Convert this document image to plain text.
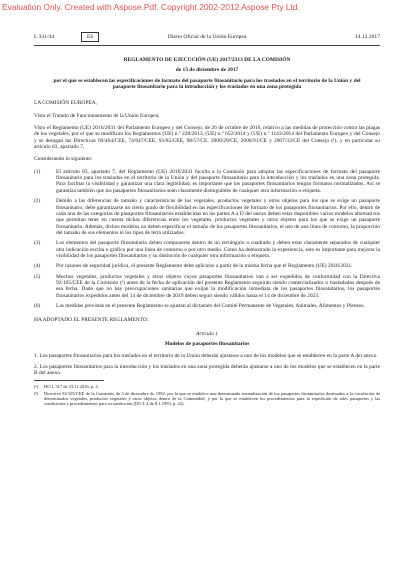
Evaluation Only. Created with Aspose.Pdf. Copyright 2002-2012 Aspose Pty Ltd.
L 331/44	ES	Diario Oficial de la Unión Europea	14.12.2017

REGLAMENTO DE EJECUCIÓN (UE) 2017/2313 DE LA COMISIÓN

de 13 de diciembre de 2017

por el que se establecen las especificaciones de formato del pasaporte fitosanitario para los traslados en el territorio de la Unión y del pasaporte fitosanitario para la introducción y los traslados en una zona protegida

LA COMISIÓN EUROPEA,

Visto el Tratado de Funcionamiento de la Unión Europea,

Visto el Reglamento (UE) 2016/2031 del Parlamento Europeo y del Consejo, de 26 de octubre de 2016, relativo a las medidas de protección contra las plagas de los vegetales, por el que se modifican los Reglamentos (UE) n.º 228/2013, (UE) n.º 652/2014 y (UE) n.º 1143/2014 del Parlamento Europeo y del Consejo y se derogan las Directivas 69/464/CEE, 74/647/CEE, 93/85/CEE, 98/57/CE, 2000/29/CE, 2006/91/CE y 2007/33/CE del Consejo (¹), y en particular su artículo 83, apartado 7,

Considerando lo siguiente:

(1)	El artículo 83, apartado 7, del Reglamento (UE) 2016/2031 faculta a la Comisión para adoptar las especificaciones de formato del pasaporte fitosanitario para los traslados en el territorio de la Unión y del pasaporte fitosanitario para la introducción y los traslados en una zona protegida. Para facilitar la visibilidad y garantizar una clara legibilidad, es importante que los pasaportes fitosanitarios tengan formatos normalizados. Así se garantiza también que los pasaportes fitosanitarios sean claramente distinguibles de cualquier otra información o etiqueta.
(2)	Debido a las diferencias de tamaño y características de los vegetales, productos vegetales y otros objetos para los que se exige un pasaporte fitosanitario, debe garantizarse un cierto grado de flexibilidad en las especificaciones de formato de los pasaportes fitosanitarios. Por ello, dentro de cada una de las categorías de pasaportes fitosanitarios establecidas en las partes A a D del anexo deben estar disponibles varios modelos alternativos que permitan tener en cuenta dichas diferencias entre los vegetales, productos vegetales y otros objetos para los que se exige un pasaporte fitosanitario. Además, dichos modelos no deben especificar el tamaño de los pasaportes fitosanitarios, el uso de una línea de contorno, la proporción del tamaño de sus elementos ni los tipos de letra utilizados.
(3)	Los elementos del pasaporte fitosanitario deben componerse dentro de un rectángulo o cuadrado y deben estar claramente separados de cualquier otra indicación escrita o gráfica por una línea de contorno o por otro medio. Como ha demostrado la experiencia, esto es importante para mejorar la visibilidad de los pasaportes fitosanitarios y su distinción de cualquier otra información o etiqueta.
(4)	Por razones de seguridad jurídica, el presente Reglamento debe aplicarse a partir de la misma fecha que el Reglamento (UE) 2016/2031.
(5)	Muchos vegetales, productos vegetales y otros objetos cuyos pasaportes fitosanitarios van a ser expedidos de conformidad con la Directiva 92/105/CEE de la Comisión (²) antes de la fecha de aplicación del presente Reglamento seguirán siendo comercializados o trasladados después de esa fecha. Dado que no hay preocupaciones sanitarias que exijan la modificación inmediata de los pasaportes fitosanitarios, los pasaportes fitosanitarios expedidos antes del 14 de diciembre de 2019 deben seguir siendo válidos hasta el 14 de diciembre de 2023.
(6)	Las medidas previstas en el presente Reglamento se ajustan al dictamen del Comité Permanente de Vegetales, Animales, Alimentos y Piensos.

HA ADOPTADO EL PRESENTE REGLAMENTO:

Artículo 1

Modelos de pasaportes fitosanitarios

1. Los pasaportes fitosanitarios para los traslados en el territorio de la Unión deberán ajustarse a uno de los modelos que se establecen en la parte A del anexo.

2. Los pasaportes fitosanitarios para la introducción y los traslados en una zona protegida deberán ajustarse a uno de los modelos que se establecen en la parte B del anexo.

(¹)	DO L 317 de 23.11.2016, p. 4.
(²)	Directiva 92/105/CEE de la Comisión, de 3 de diciembre de 1992, por la que se establece una determinada normalización de los pasaportes fitosanitarios destinados a la circulación de determinados vegetales, productos vegetales y otros objetos dentro de la Comunidad, y por la que se establecen los procedimientos para la expedición de tales pasaportes y las condiciones y procedimientos para su sustitución (DO L 4 de 8.1.1993, p. 22).
